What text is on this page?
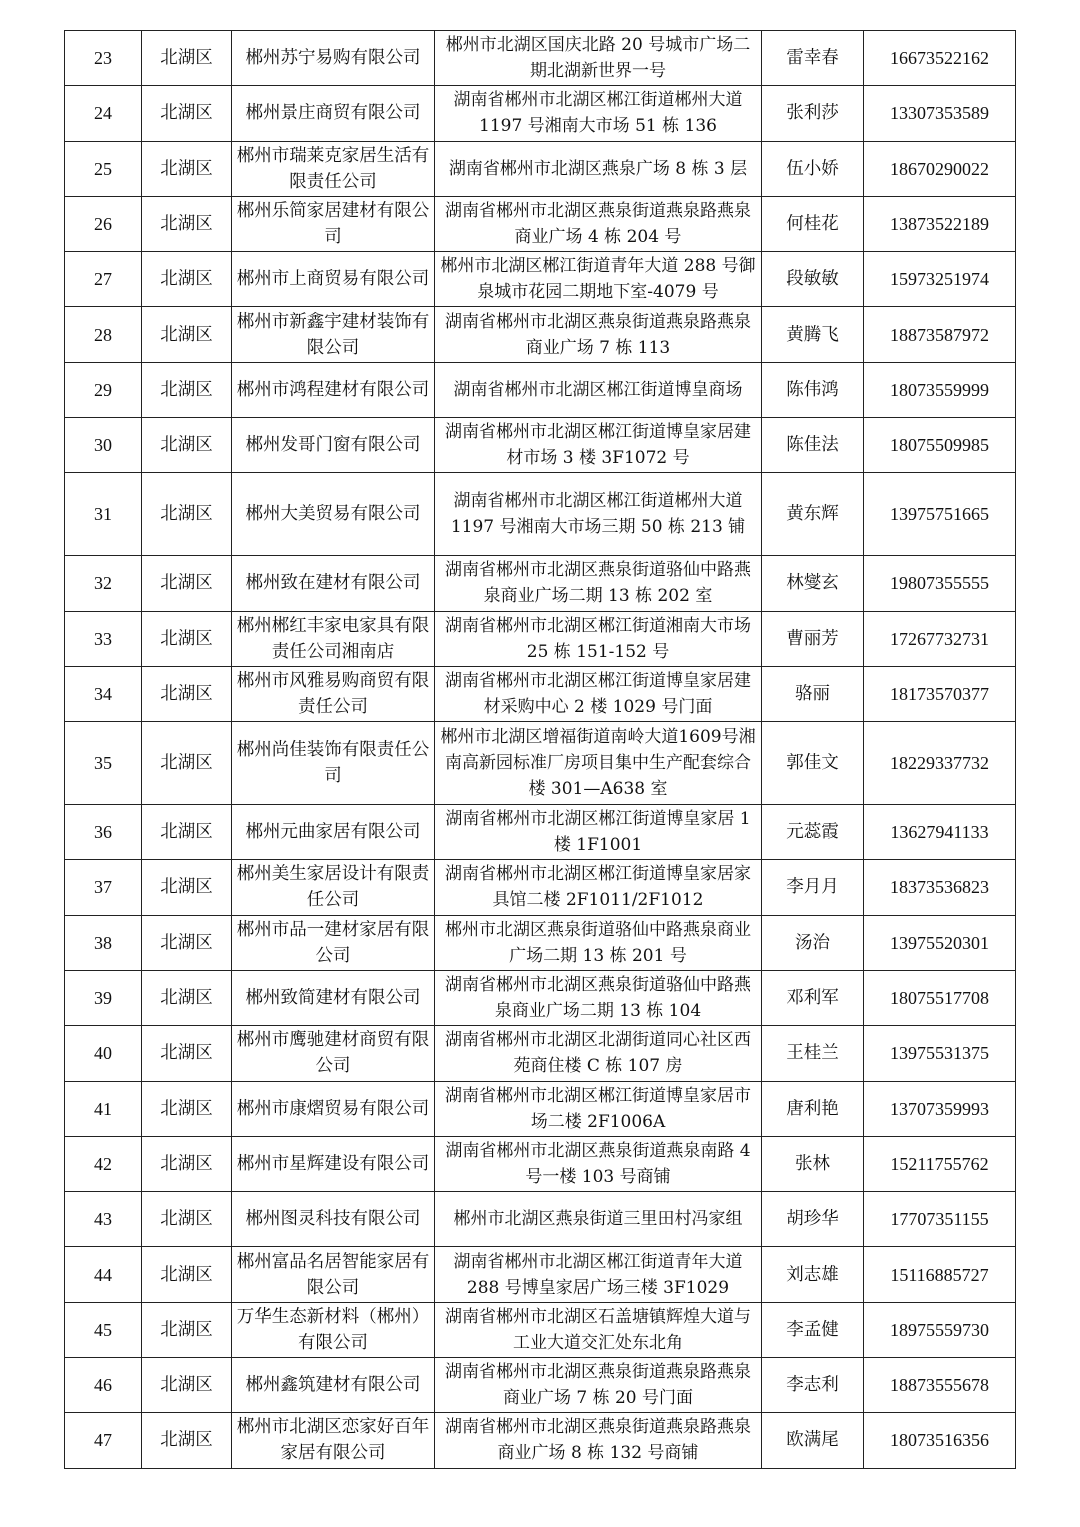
23	北湖区	郴州苏宁易购有限公司	郴州市北湖区国庆北路 20 号城市广场二期北湖新世界一号	雷幸春	16673522162
24	北湖区	郴州景庄商贸有限公司	湖南省郴州市北湖区郴江街道郴州大道 1197 号湘南大市场 51 栋 136	张利莎	13307353589
25	北湖区	郴州市瑞莱克家居生活有限责任公司	湖南省郴州市北湖区燕泉广场 8 栋 3 层	伍小娇	18670290022
26	北湖区	郴州乐简家居建材有限公司	湖南省郴州市北湖区燕泉街道燕泉路燕泉商业广场 4 栋 204 号	何桂花	13873522189
27	北湖区	郴州市上商贸易有限公司	郴州市北湖区郴江街道青年大道 288 号御泉城市花园二期地下室-4079 号	段敏敏	15973251974
28	北湖区	郴州市新鑫宇建材装饰有限公司	湖南省郴州市北湖区燕泉街道燕泉路燕泉商业广场 7 栋 113	黄腾飞	18873587972
29	北湖区	郴州市鸿程建材有限公司	湖南省郴州市北湖区郴江街道博皇商场	陈伟鸿	18073559999
30	北湖区	郴州发哥门窗有限公司	湖南省郴州市北湖区郴江街道博皇家居建材市场 3 楼 3F1072 号	陈佳法	18075509985
31	北湖区	郴州大美贸易有限公司	湖南省郴州市北湖区郴江街道郴州大道 1197 号湘南大市场三期 50 栋 213 铺	黄东辉	13975751665
32	北湖区	郴州致在建材有限公司	湖南省郴州市北湖区燕泉街道骆仙中路燕泉商业广场二期 13 栋 202 室	林燮玄	19807355555
33	北湖区	郴州郴红丰家电家具有限责任公司湘南店	湖南省郴州市北湖区郴江街道湘南大市场 25 栋 151-152 号	曹丽芳	17267732731
34	北湖区	郴州市风雅易购商贸有限责任公司	湖南省郴州市北湖区郴江街道博皇家居建材采购中心 2 楼 1029 号门面	骆丽	18173570377
35	北湖区	郴州尚佳装饰有限责任公司	郴州市北湖区增福街道南岭大道1609号湘南高新园标准厂房项目集中生产配套综合楼 301—A638 室	郭佳文	18229337732
36	北湖区	郴州元曲家居有限公司	湖南省郴州市北湖区郴江街道博皇家居 1 楼 1F1001	元蕊霞	13627941133
37	北湖区	郴州美生家居设计有限责任公司	湖南省郴州市北湖区郴江街道博皇家居家具馆二楼 2F1011/2F1012	李月月	18373536823
38	北湖区	郴州市品一建材家居有限公司	郴州市北湖区燕泉街道骆仙中路燕泉商业广场二期 13 栋 201 号	汤治	13975520301
39	北湖区	郴州致简建材有限公司	湖南省郴州市北湖区燕泉街道骆仙中路燕泉商业广场二期 13 栋 104	邓利军	18075517708
40	北湖区	郴州市鹰驰建材商贸有限公司	湖南省郴州市北湖区北湖街道同心社区西苑商住楼 C 栋 107 房	王桂兰	13975531375
41	北湖区	郴州市康熠贸易有限公司	湖南省郴州市北湖区郴江街道博皇家居市场二楼 2F1006A	唐利艳	13707359993
42	北湖区	郴州市星辉建设有限公司	湖南省郴州市北湖区燕泉街道燕泉南路 4 号一楼 103 号商铺	张林	15211755762
43	北湖区	郴州图灵科技有限公司	郴州市北湖区燕泉街道三里田村冯家组	胡珍华	17707351155
44	北湖区	郴州富品名居智能家居有限公司	湖南省郴州市北湖区郴江街道青年大道 288 号博皇家居广场三楼 3F1029	刘志雄	15116885727
45	北湖区	万华生态新材料（郴州）有限公司	湖南省郴州市北湖区石盖塘镇辉煌大道与工业大道交汇处东北角	李孟健	18975559730
46	北湖区	郴州鑫筑建材有限公司	湖南省郴州市北湖区燕泉街道燕泉路燕泉商业广场 7 栋 20 号门面	李志利	18873555678
47	北湖区	郴州市北湖区恋家好百年家居有限公司	湖南省郴州市北湖区燕泉街道燕泉路燕泉商业广场 8 栋 132 号商铺	欧满尾	18073516356
